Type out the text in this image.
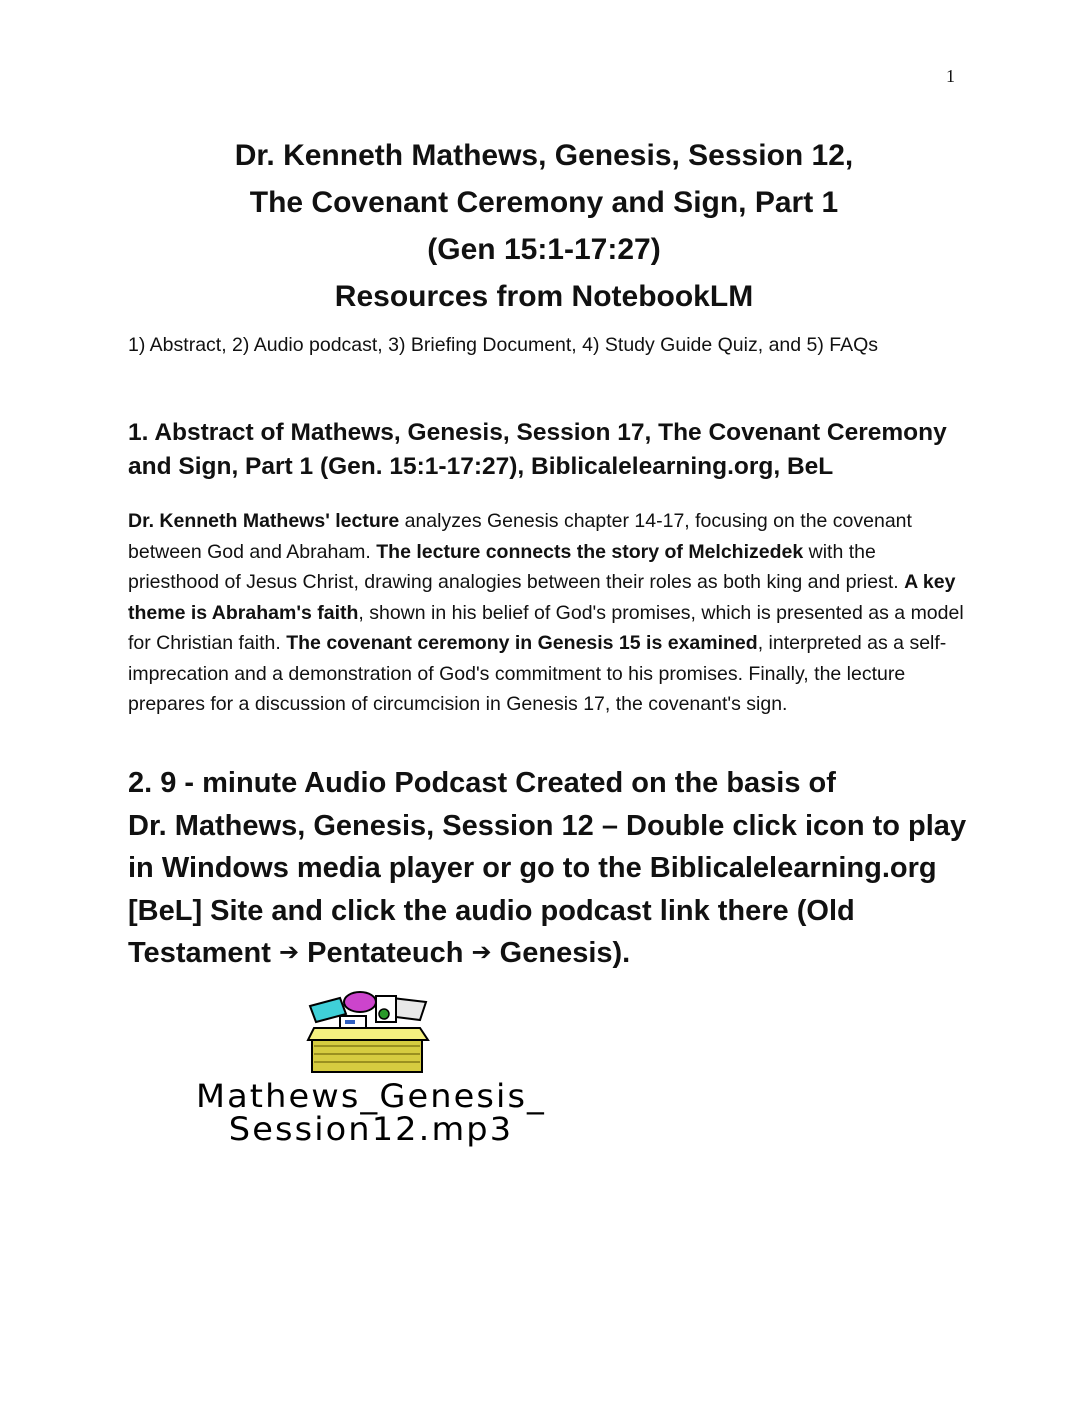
1
Dr. Kenneth Mathews, Genesis, Session 12,
The Covenant Ceremony and Sign, Part 1
(Gen 15:1-17:27)
Resources from NotebookLM
1) Abstract, 2) Audio podcast, 3) Briefing Document, 4) Study Guide Quiz, and 5) FAQs
1. Abstract of Mathews, Genesis, Session 17, The Covenant Ceremony
and Sign, Part 1 (Gen. 15:1-17:27), Biblicalelearning.org, BeL
Dr. Kenneth Mathews' lecture analyzes Genesis chapter 14-17, focusing on the covenant between God and Abraham. The lecture connects the story of Melchizedek with the priesthood of Jesus Christ, drawing analogies between their roles as both king and priest. A key theme is Abraham's faith, shown in his belief of God's promises, which is presented as a model for Christian faith. The covenant ceremony in Genesis 15 is examined, interpreted as a self-imprecation and a demonstration of God's commitment to his promises. Finally, the lecture prepares for a discussion of circumcision in Genesis 17, the covenant's sign.
2. 9 - minute Audio Podcast Created on the basis of
Dr. Mathews, Genesis, Session 12 – Double click icon to play
in Windows media player or go to the Biblicalelearning.org
[BeL] Site and click the audio podcast link there (Old
Testament ➔ Pentateuch ➔ Genesis).
Mathews_Genesis_
Session12.mp3
